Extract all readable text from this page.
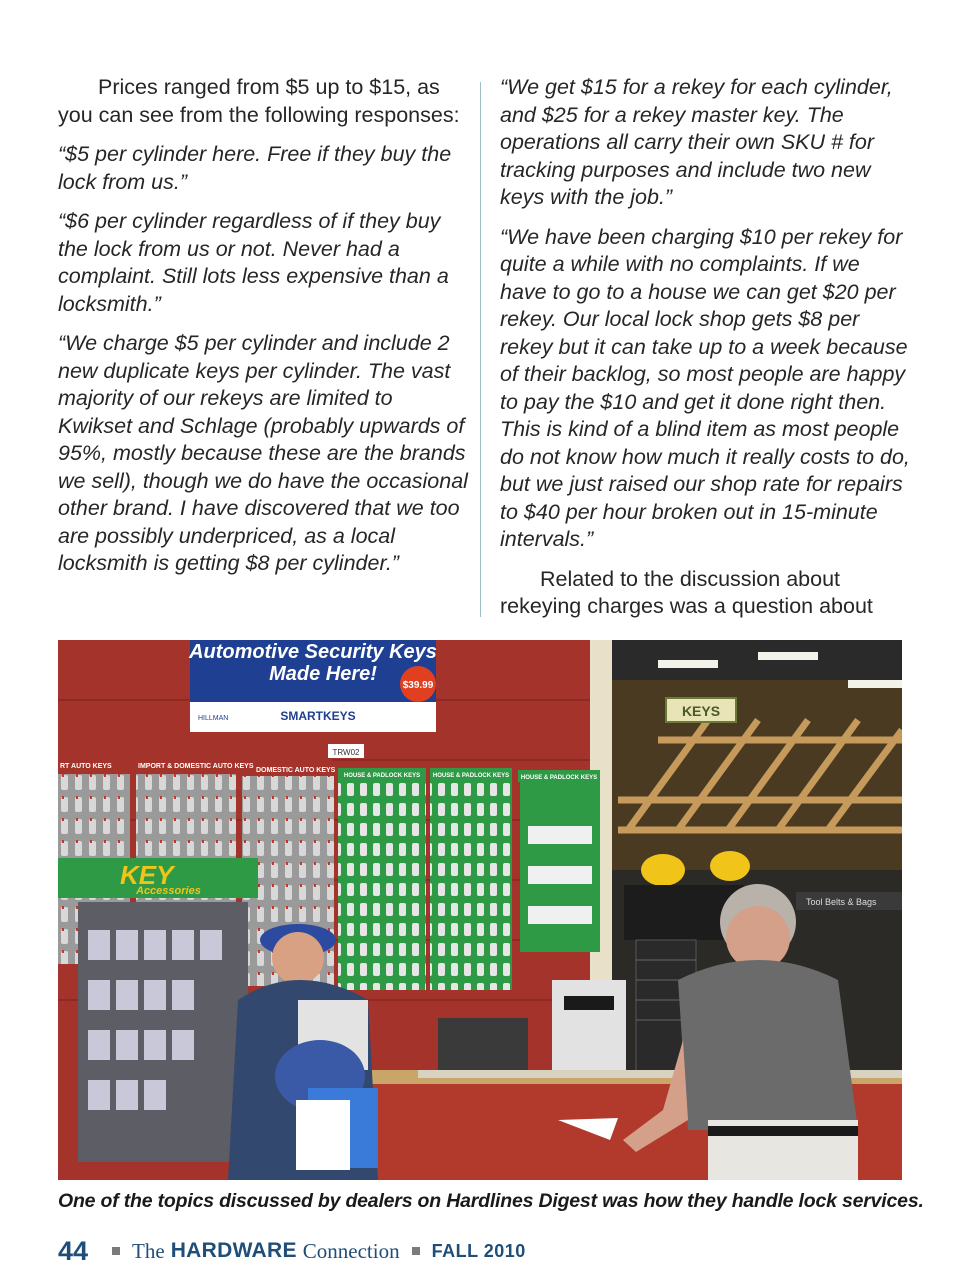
Prices ranged from $5 up to $15, as you can see from the following responses:

“$5 per cylinder here. Free if they buy the lock from us.”

“$6 per cylinder regardless of if they buy the lock from us or not. Never had a complaint. Still lots less expensive than a locksmith.”

“We charge $5 per cylinder and include 2 new duplicate keys per cylinder. The vast majority of our rekeys are limited to Kwikset and Schlage (probably upwards of 95%, mostly because these are the brands we sell), though we do have the occasional other brand. I have discovered that we too are possibly underpriced, as a local locksmith is getting $8 per cylinder.”

“We get $15 for a rekey for each cylinder, and $25 for a rekey master key. The operations all carry their own SKU # for tracking purposes and include two new keys with the job.”

“We have been charging $10 per rekey for quite a while with no complaints. If we have to go to a house we can get $20 per rekey. Our local lock shop gets $8 per rekey but it can take up to a week because of their backlog, so most people are happy to pay the $10 and get it done right then. This is kind of a blind item as most people do not know how much it really costs to do, but we just raised our shop rate for repairs to $40 per hour broken out in 15-minute intervals.”

Related to the discussion about rekeying charges was a question about

KEYS
Tool Belts & Bags
Automotive Security Keys
Made Here!
SMARTKEYS
HILLMAN
$39.99
TRW02
RT AUTO KEYS	IMPORT & DOMESTIC AUTO KEYS
DOMESTIC AUTO KEYS
HOUSE & PADLOCK KEYS HOUSE & PADLOCK KEYS HOUSE & PADLOCK KEYS
KEY
Accessories
One of the topics discussed by dealers on Hardlines Digest was how they handle lock services.
44 The HARDWARE Connection FALL 2010
